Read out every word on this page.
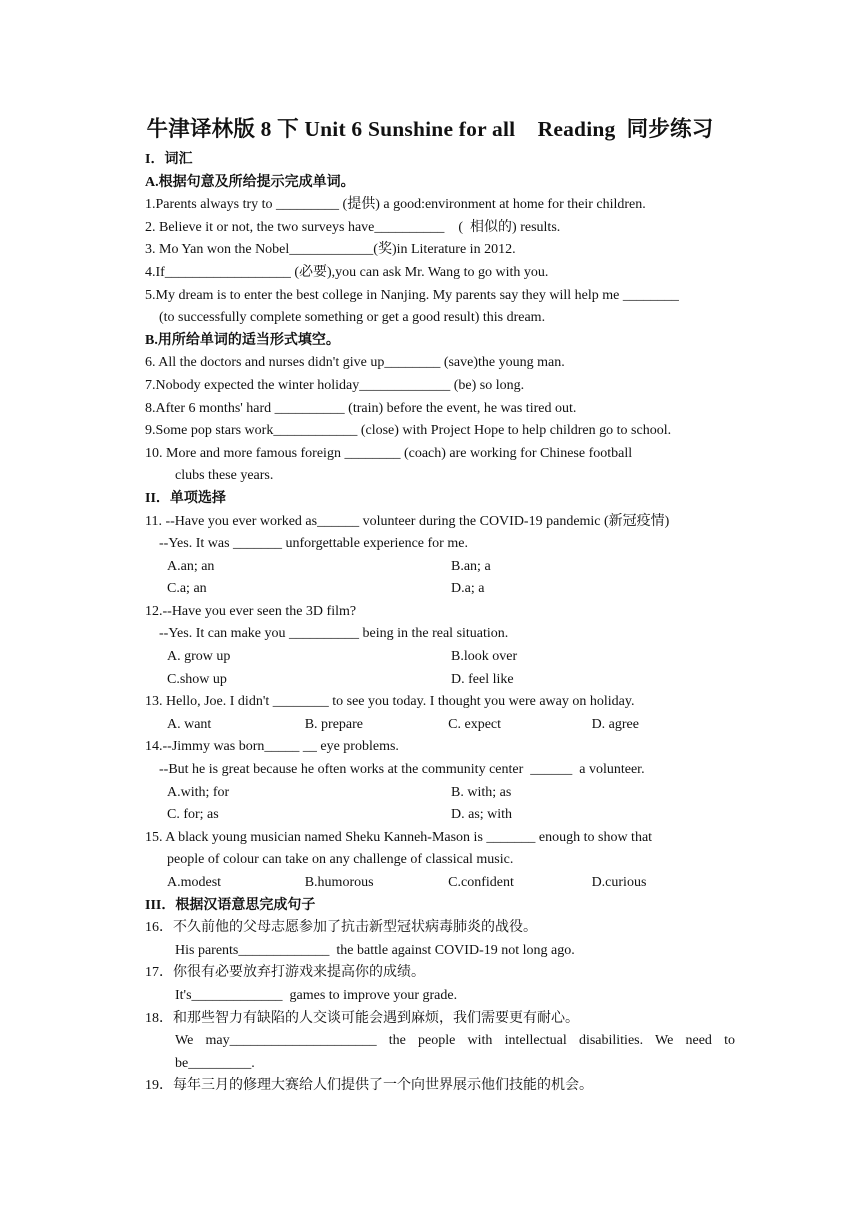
牛津译林版 8 下 Unit 6 Sunshine for all    Reading  同步练习
I．词汇
A.根据句意及所给提示完成单词。
1.Parents always try to _________ (提供) a good:environment at home for their children.
2. Believe it or not, the two surveys have__________    (  相似的) results.
3. Mo Yan won the Nobel____________(奖)in Literature in 2012.
4.If__________________ (必要),you can ask Mr. Wang to go with you.
5.My dream is to enter the best college in Nanjing. My parents say they will help me ________
(to successfully complete something or get a good result) this dream.
B.用所给单词的适当形式填空。
6. All the doctors and nurses didn't give up________ (save)the young man.
7.Nobody expected the winter holiday_____________ (be) so long.
8.After 6 months' hard __________ (train) before the event, he was tired out.
9.Some pop stars work____________ (close) with Project Hope to help children go to school.
10. More and more famous foreign ________ (coach) are working for Chinese football
clubs these years.
II．单项选择
11. --Have you ever worked as______ volunteer during the COVID-19 pandemic (新冠疫情)
--Yes. It was _______ unforgettable experience for me.
A.an; an	B.an; a
C.a; an	D.a; a
12.--Have you ever seen the 3D film?
--Yes. It can make you __________ being in the real situation.
A. grow up	B.look over
C.show up	D. feel like
13. Hello, Joe. I didn't ________ to see you today. I thought you were away on holiday.
A. want	B. prepare	C. expect	D. agree
14.--Jimmy was born_____ __ eye problems.
--But he is great because he often works at the community center  ______  a volunteer.
A.with; for	B. with; as
C. for; as	D. as; with
15. A black young musician named Sheku Kanneh-Mason is _______ enough to show that
people of colour can take on any challenge of classical music.
A.modest	B.humorous	C.confident	D.curious
III．根据汉语意思完成句子
16．不久前他的父母志愿参加了抗击新型冠状病毒肺炎的战役。
His parents_____________  the battle against COVID-19 not long ago.
17．你很有必要放弃打游戏来提高你的成绩。
It's_____________  games to improve your grade.
18．和那些智力有缺陷的人交谈可能会遇到麻烦，我们需要更有耐心。
We may_____________________ the people with intellectual disabilities. We need to
be_________.
19．每年三月的修理大赛给人们提供了一个向世界展示他们技能的机会。
